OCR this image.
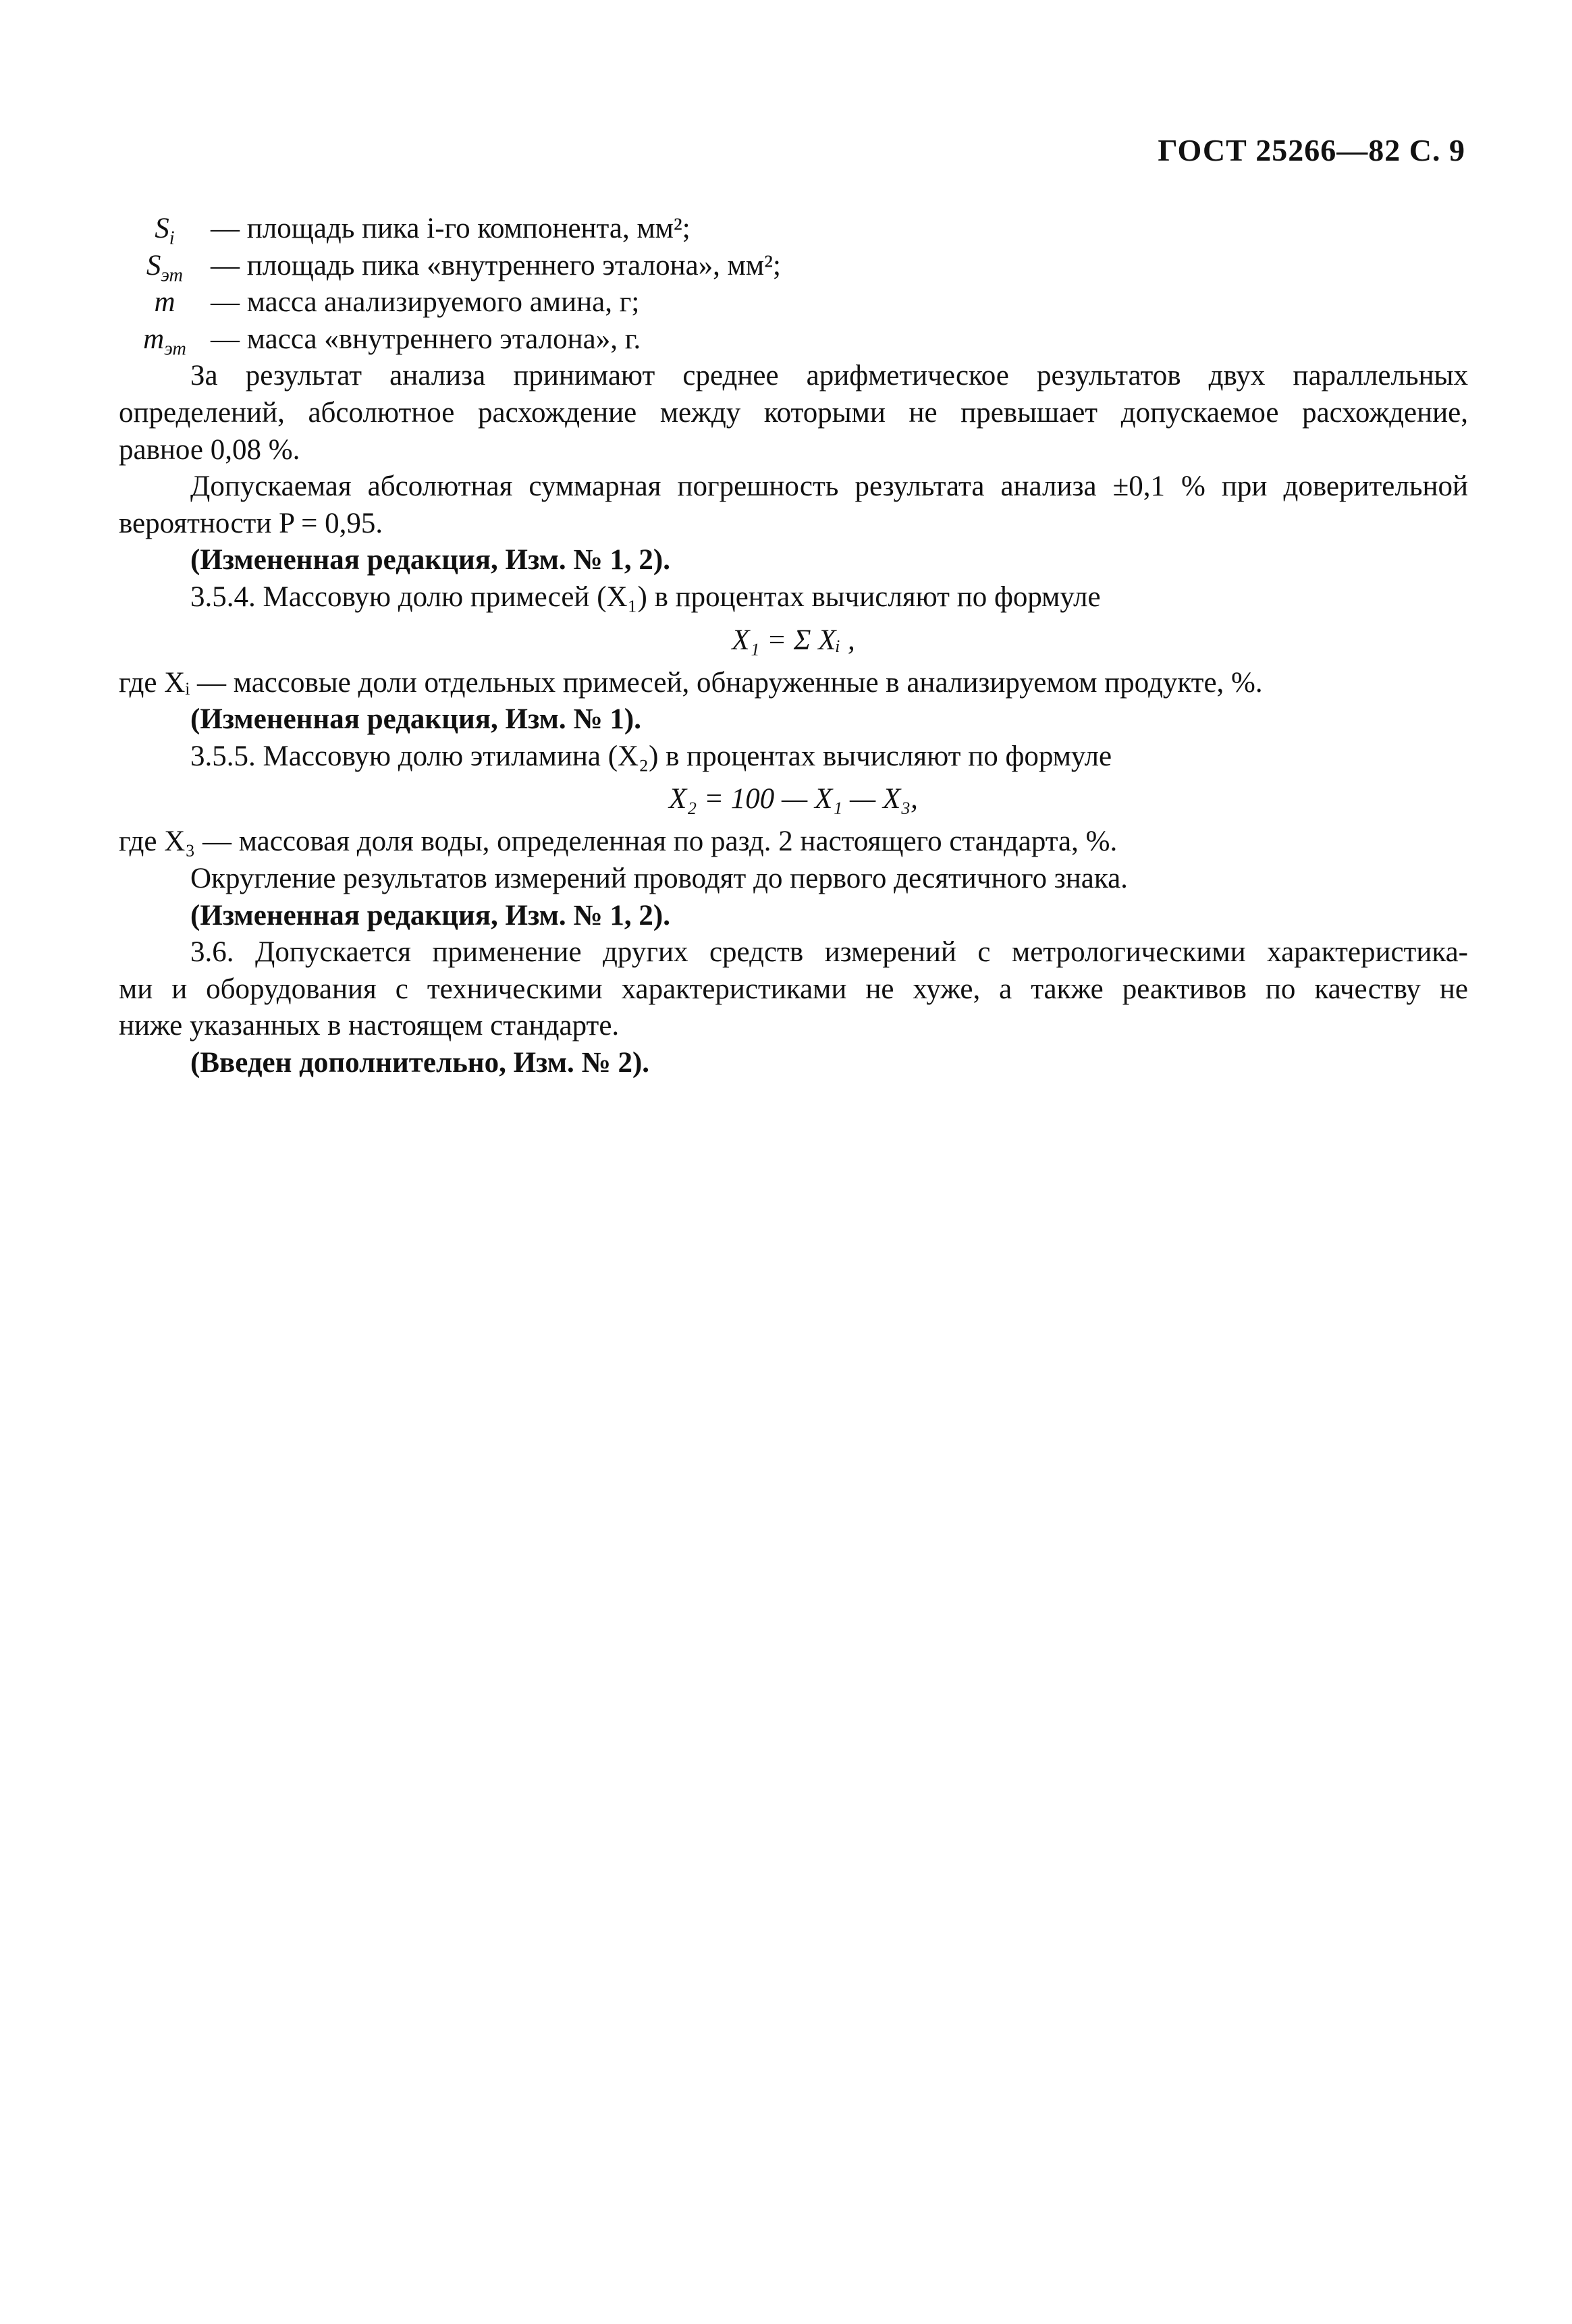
ГОСТ 25266—82 С. 9
$S_i$ — площадь пика i-го компонента, мм²;
$S_{эт}$ — площадь пика «внутреннего эталона», мм²;
m — масса анализируемого амина, г;
$m_{эт}$ — масса «внутреннего эталона», г.
За результат анализа принимают среднее арифметическое результатов двух параллельных
определений, абсолютное расхождение между которыми не превышает допускаемое расхождение,
равное 0,08 %.
Допускаемая абсолютная суммарная погрешность результата анализа ±0,1 % при доверительной
вероятности P = 0,95.
(Измененная редакция, Изм. № 1, 2).
3.5.4. Массовую долю примесей (X₁) в процентах вычисляют по формуле
X₁ = Σ Xᵢ ,
где Xᵢ — массовые доли отдельных примесей, обнаруженные в анализируемом продукте, %.
(Измененная редакция, Изм. № 1).
3.5.5. Массовую долю этиламина (X₂) в процентах вычисляют по формуле
X₂ = 100 — X₁ — X₃,
где X₃ — массовая доля воды, определенная по разд. 2 настоящего стандарта, %.
Округление результатов измерений проводят до первого десятичного знака.
(Измененная редакция, Изм. № 1, 2).
3.6. Допускается применение других средств измерений с метрологическими характеристика-
ми и оборудования с техническими характеристиками не хуже, а также реактивов по качеству не
ниже указанных в настоящем стандарте.
(Введен дополнительно, Изм. № 2).
